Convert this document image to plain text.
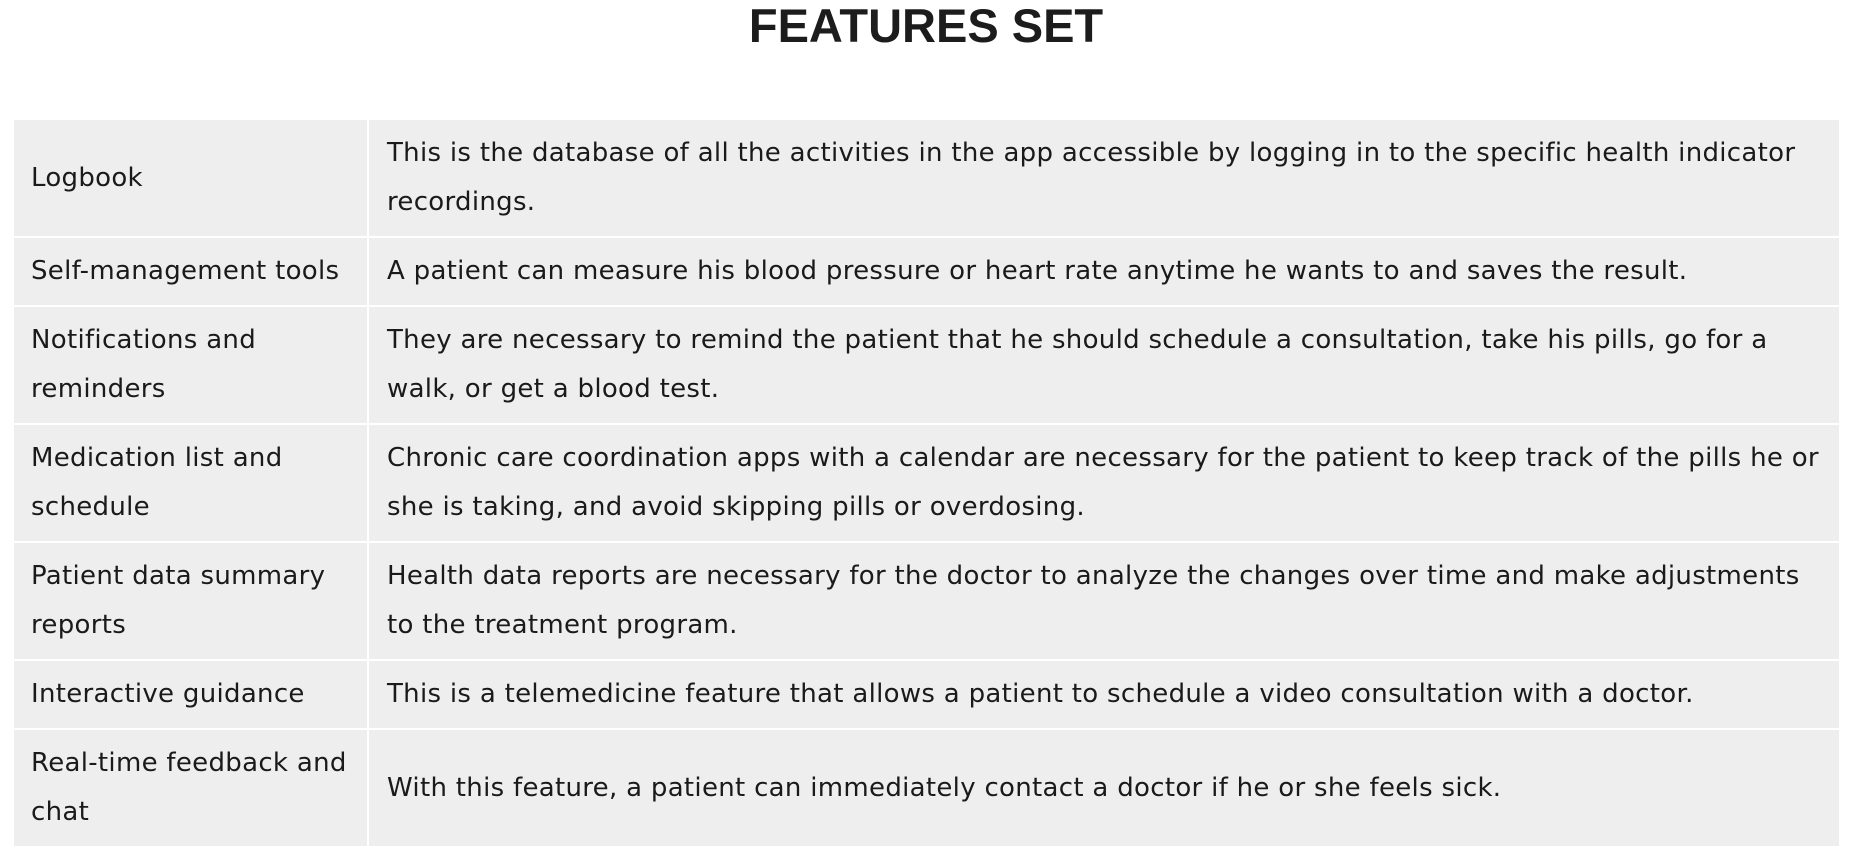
FEATURES SET
Logbook	This is the database of all the activities in the app accessible by logging in to the specific health indicator recordings.
Self-management tools	A patient can measure his blood pressure or heart rate anytime he wants to and saves the result.
Notifications and reminders	They are necessary to remind the patient that he should schedule a consultation, take his pills, go for a walk, or get a blood test.
Medication list and schedule	Chronic care coordination apps with a calendar are necessary for the patient to keep track of the pills he or she is taking, and avoid skipping pills or overdosing.
Patient data summary reports	Health data reports are necessary for the doctor to analyze the changes over time and make adjustments to the treatment program.
Interactive guidance	This is a telemedicine feature that allows a patient to schedule a video consultation with a doctor.
Real-time feedback and chat	With this feature, a patient can immediately contact a doctor if he or she feels sick.
